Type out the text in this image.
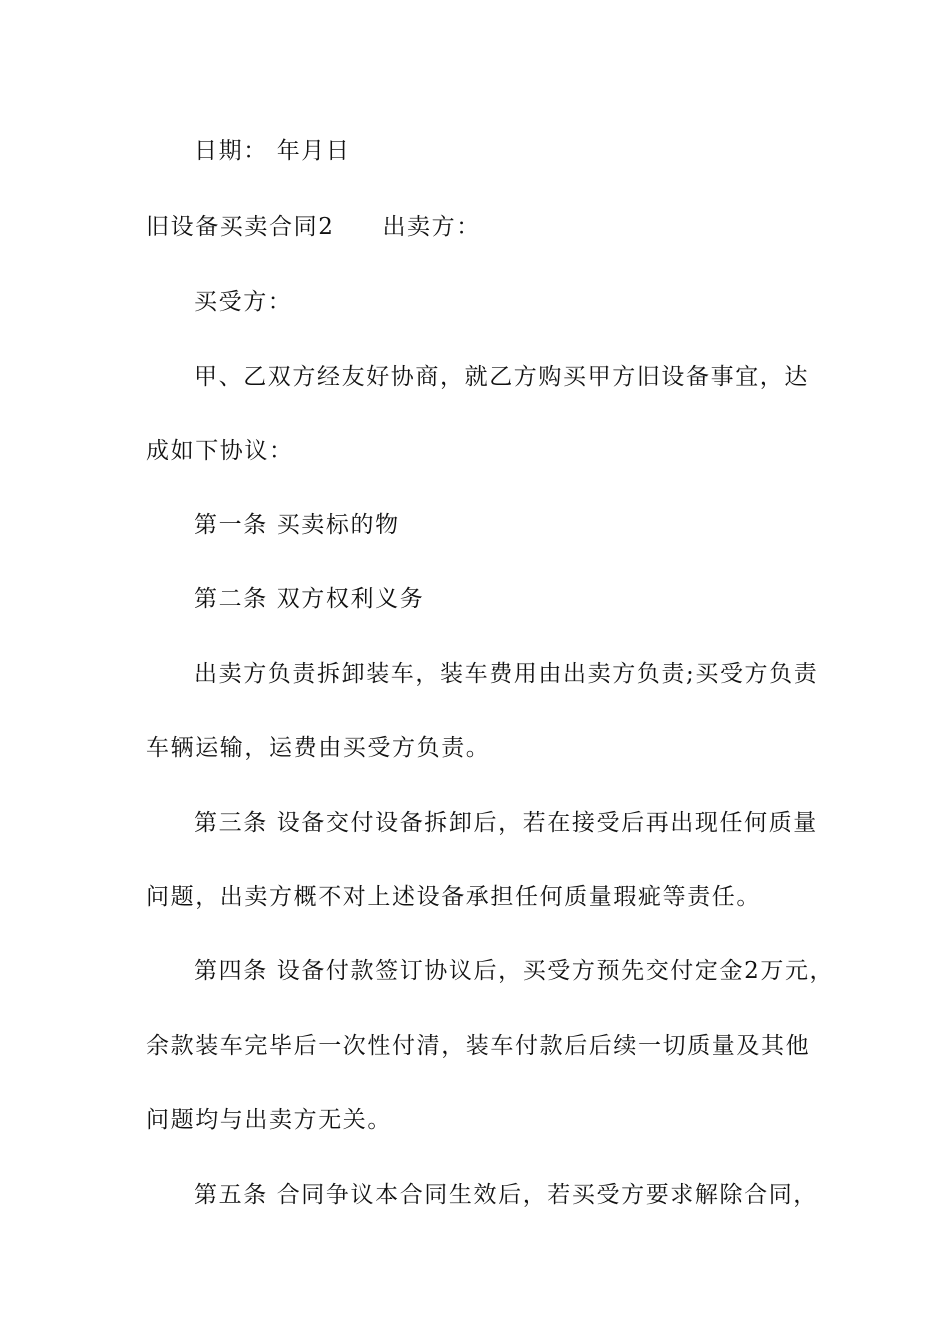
日期： 年月日
旧设备买卖合同2 出卖方：
买受方：
甲、乙双方经友好协商，就乙方购买甲方旧设备事宜，达
成如下协议：
第一条 买卖标的物
第二条 双方权利义务
出卖方负责拆卸装车，装车费用由出卖方负责;买受方负责
车辆运输，运费由买受方负责。
第三条 设备交付设备拆卸后，若在接受后再出现任何质量
问题，出卖方概不对上述设备承担任何质量瑕疵等责任。
第四条 设备付款签订协议后，买受方预先交付定金2万元，
余款装车完毕后一次性付清，装车付款后后续一切质量及其他
问题均与出卖方无关。
第五条 合同争议本合同生效后，若买受方要求解除合同，
